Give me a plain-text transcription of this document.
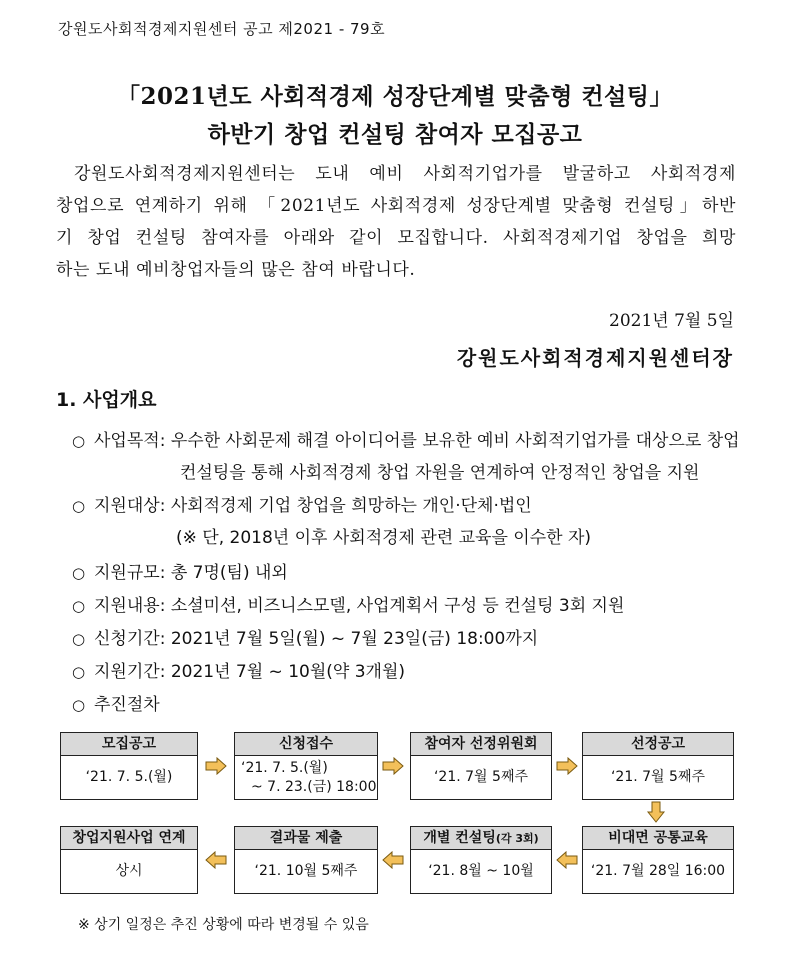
강원도사회적경제지원센터 공고 제2021 - 79호
「2021년도 사회적경제 성장단계별 맞춤형 컨설팅」
하반기 창업 컨설팅 참여자 모집공고
강원도사회적경제지원센터는 도내 예비 사회적기업가를 발굴하고 사회적경제
창업으로 연계하기 위해 「2021년도 사회적경제 성장단계별 맞춤형 컨설팅」하반
기 창업 컨설팅 참여자를 아래와 같이 모집합니다. 사회적경제기업 창업을 희망
하는 도내 예비창업자들의 많은 참여 바랍니다.
2021년 7월 5일
강원도사회적경제지원센터장
1. 사업개요
○ 사업목적: 우수한 사회문제 해결 아이디어를 보유한 예비 사회적기업가를 대상으로 창업
컨설팅을 통해 사회적경제 창업 자원을 연계하여 안정적인 창업을 지원
○ 지원대상: 사회적경제 기업 창업을 희망하는 개인·단체·법인
(※ 단, 2018년 이후 사회적경제 관련 교육을 이수한 자)
○ 지원규모: 총 7명(팀) 내외
○ 지원내용: 소셜미션, 비즈니스모델, 사업계획서 구성 등 컨설팅 3회 지원
○ 신청기간: 2021년 7월 5일(월) ~ 7월 23일(금) 18:00까지
○ 지원기간: 2021년 7월 ~ 10월(약 3개월)
○ 추진절차
모집공고
‘21. 7. 5.(월)
신청접수
‘21. 7. 5.(월)
~ 7. 23.(금) 18:00
참여자 선정위원회
‘21. 7월 5째주
선정공고
‘21. 7월 5째주
비대면 공통교육
‘21. 7월 28일 16:00
개별 컨설팅(각 3회)
‘21. 8월 ~ 10월
결과물 제출
‘21. 10월 5째주
창업지원사업 연계
상시
※ 상기 일정은 추진 상황에 따라 변경될 수 있음
